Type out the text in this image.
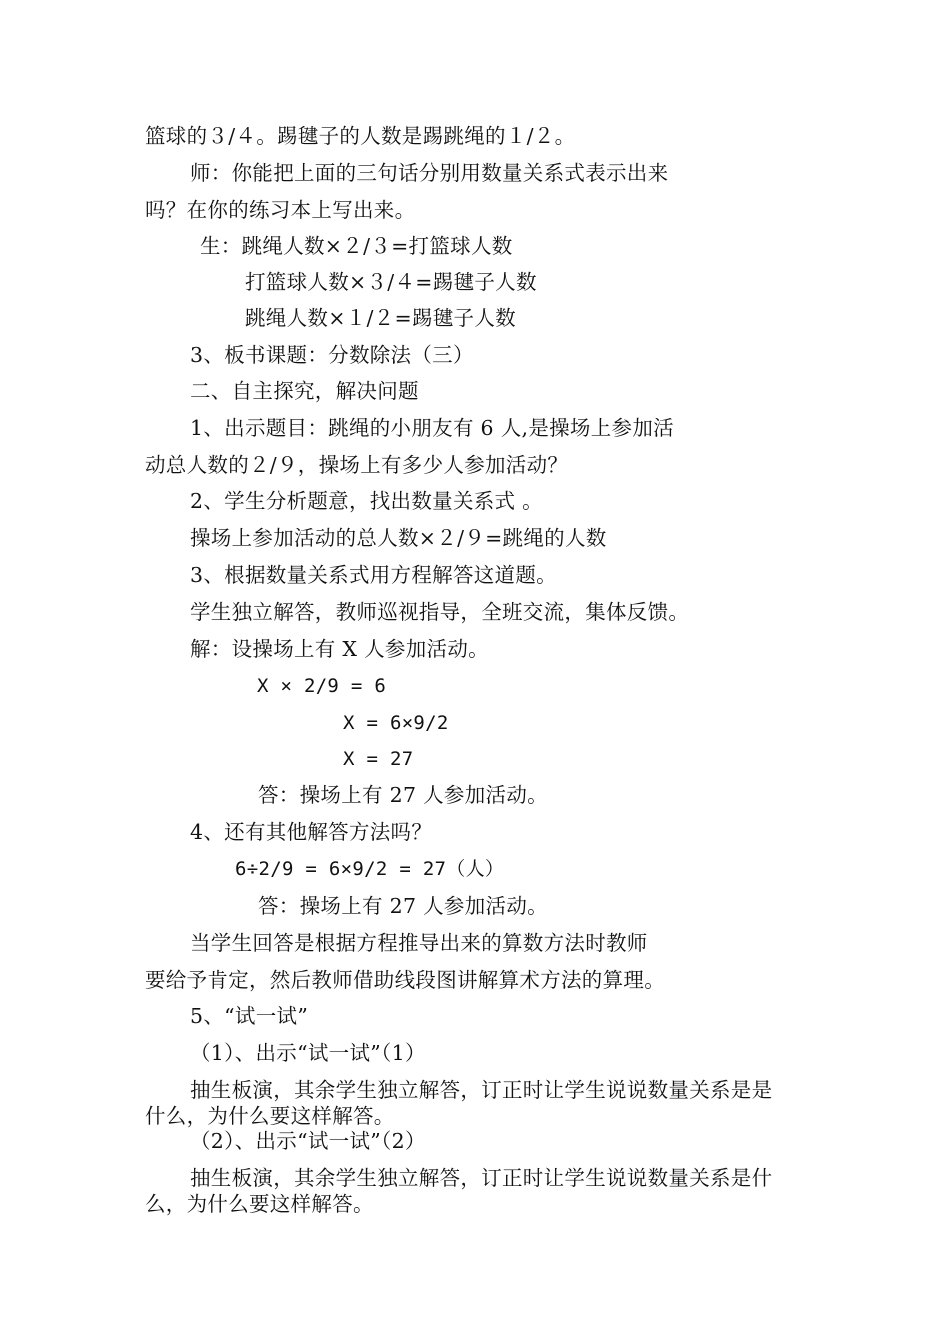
篮球的３/４。踢毽子的人数是踢跳绳的１/２。
师：你能把上面的三句话分别用数量关系式表示出来
吗？在你的练习本上写出来。
生：跳绳人数×２/３=打篮球人数
打篮球人数×３/４=踢毽子人数
跳绳人数×１/２=踢毽子人数
3、板书课题：分数除法（三）
二、自主探究，解决问题
1、出示题目：跳绳的小朋友有 6 人,是操场上参加活
动总人数的２/９，操场上有多少人参加活动？
2、学生分析题意，找出数量关系式 。
操场上参加活动的总人数×２/９=跳绳的人数
3、根据数量关系式用方程解答这道题。
学生独立解答，教师巡视指导，全班交流，集体反馈。
解：设操场上有 X 人参加活动。
X × 2/9 = 6
X = 6×9/2
X = 27
答：操场上有 27 人参加活动。
4、还有其他解答方法吗？
6÷2/9 = 6×9/2 = 27（人）
答：操场上有 27 人参加活动。
当学生回答是根据方程推导出来的算数方法时教师
要给予肯定，然后教师借助线段图讲解算术方法的算理。
5、“试一试”
（1）、出示“试一试”（1）
抽生板演，其余学生独立解答，订正时让学生说说数量关系是是
什么，为什么要这样解答。
（2）、出示“试一试”（2）
抽生板演，其余学生独立解答，订正时让学生说说数量关系是什
么，为什么要这样解答。
